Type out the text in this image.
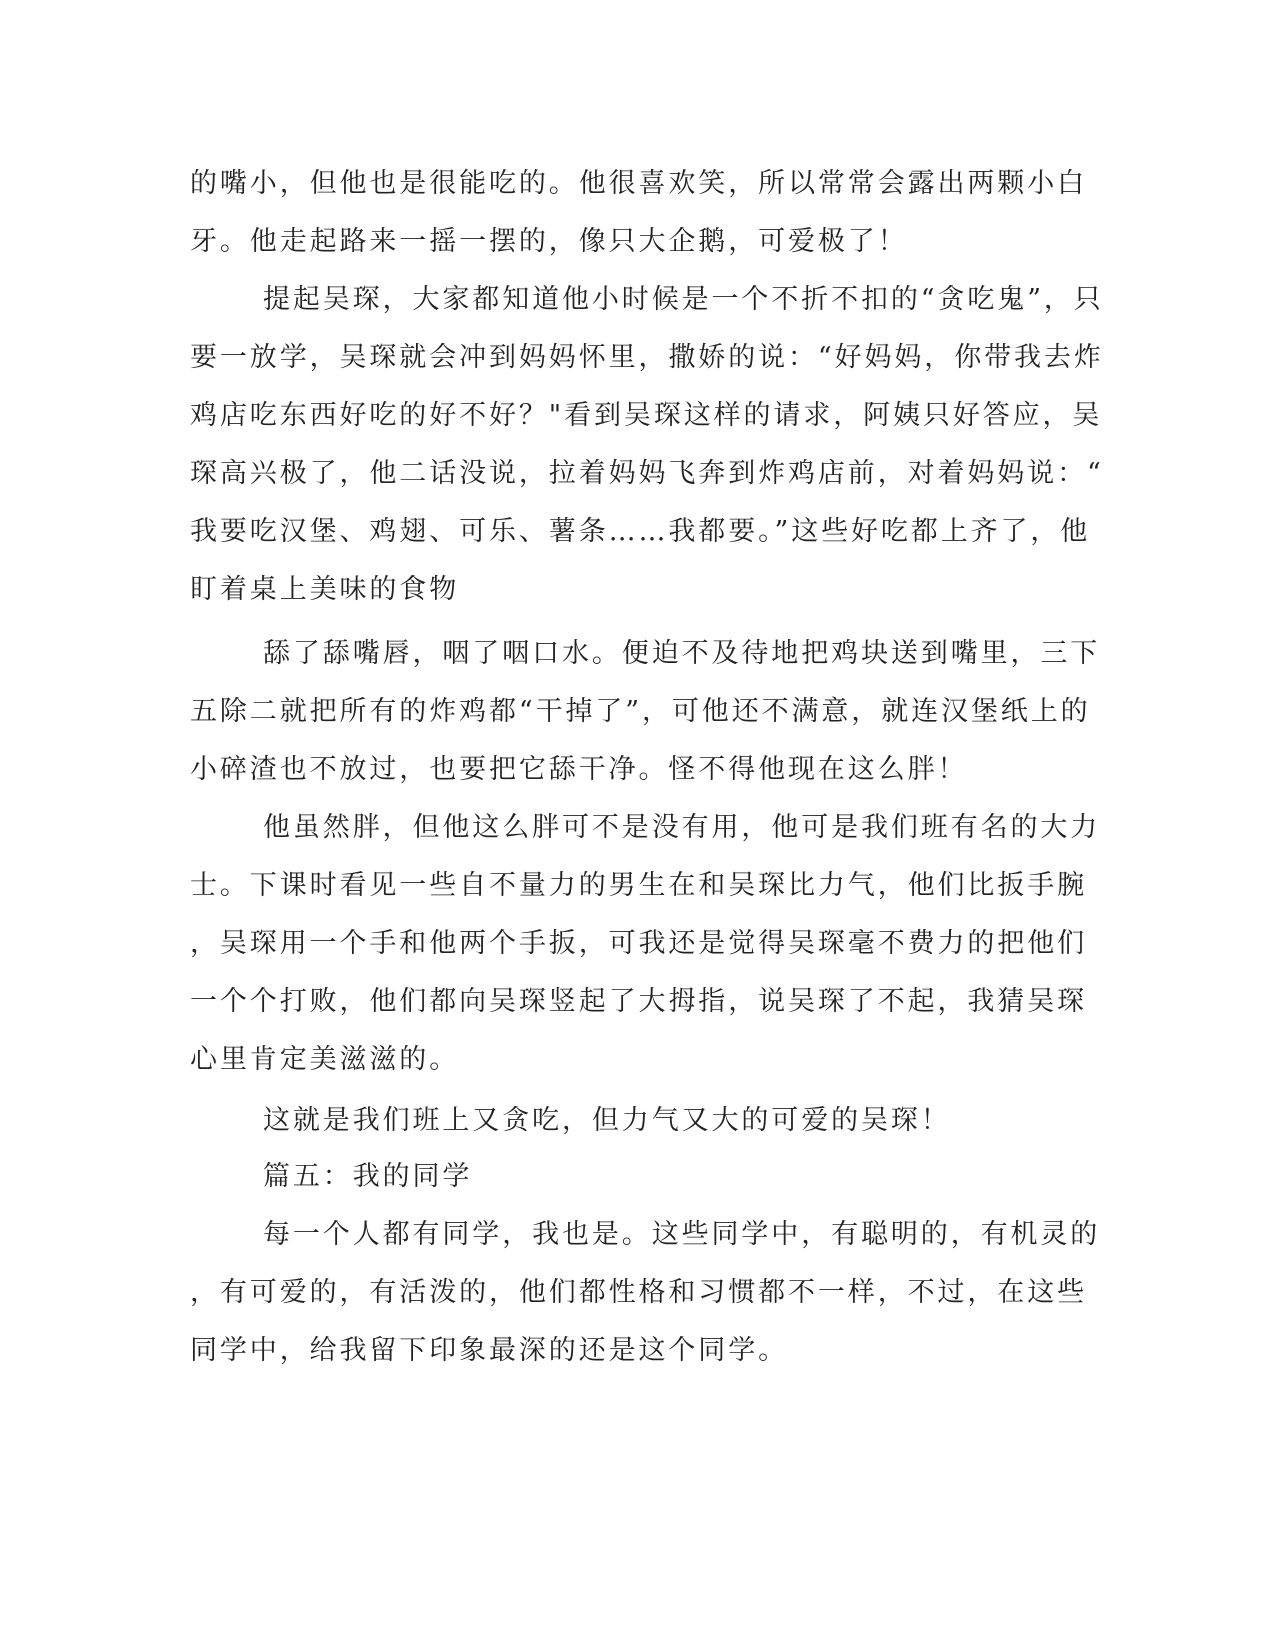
的嘴小，但他也是很能吃的。他很喜欢笑，所以常常会露出两颗小白

牙。他走起路来一摇一摆的，像只大企鹅，可爱极了！

提起吴琛，大家都知道他小时候是一个不折不扣的“贪吃鬼”，只

要一放学，吴琛就会冲到妈妈怀里，撒娇的说：“好妈妈，你带我去炸

鸡店吃东西好吃的好不好？"看到吴琛这样的请求，阿姨只好答应，吴

琛高兴极了，他二话没说，拉着妈妈飞奔到炸鸡店前，对着妈妈说：“

我要吃汉堡、鸡翅、可乐、薯条……我都要。”这些好吃都上齐了，他

盯着桌上美味的食物

舔了舔嘴唇，咽了咽口水。便迫不及待地把鸡块送到嘴里，三下

五除二就把所有的炸鸡都“干掉了”，可他还不满意，就连汉堡纸上的

小碎渣也不放过，也要把它舔干净。怪不得他现在这么胖！

他虽然胖，但他这么胖可不是没有用，他可是我们班有名的大力

士。下课时看见一些自不量力的男生在和吴琛比力气，他们比扳手腕

，吴琛用一个手和他两个手扳，可我还是觉得吴琛毫不费力的把他们

一个个打败，他们都向吴琛竖起了大拇指，说吴琛了不起，我猜吴琛

心里肯定美滋滋的。

这就是我们班上又贪吃，但力气又大的可爱的吴琛！

篇五：我的同学

每一个人都有同学，我也是。这些同学中，有聪明的，有机灵的

，有可爱的，有活泼的，他们都性格和习惯都不一样，不过，在这些

同学中，给我留下印象最深的还是这个同学。
